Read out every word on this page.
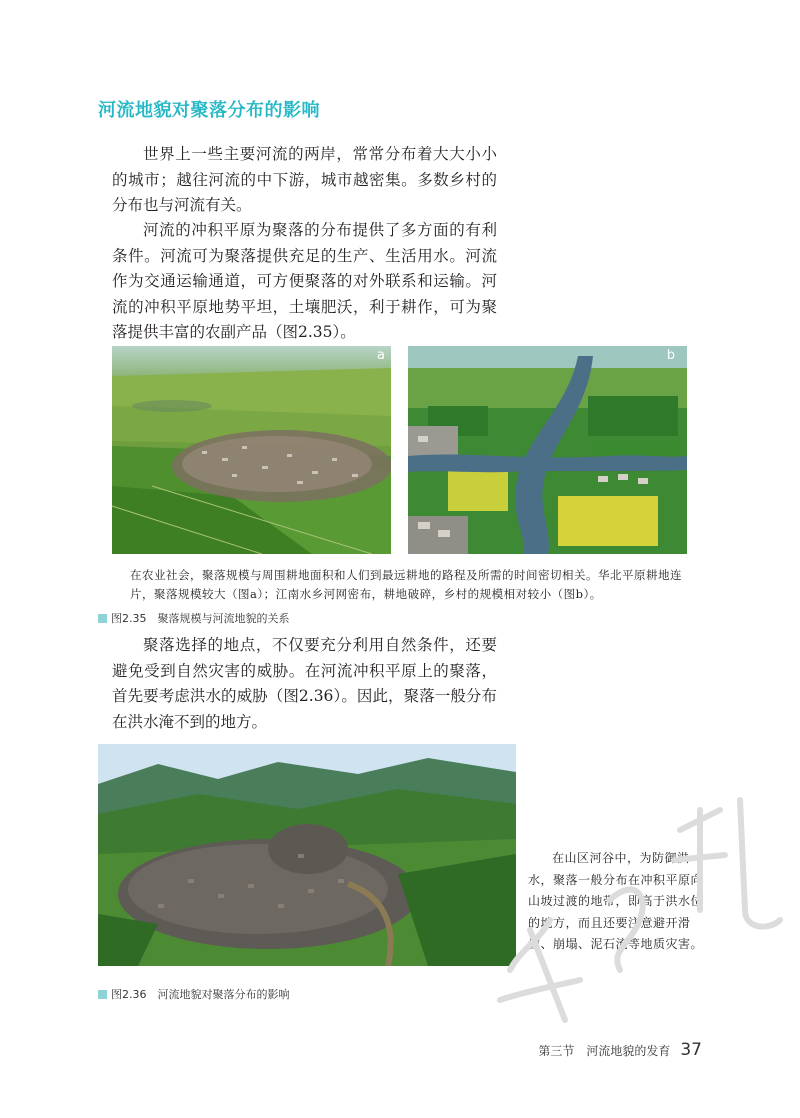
河流地貌对聚落分布的影响

世界上一些主要河流的两岸，常常分布着大大小小的城市；越往河流的中下游，城市越密集。多数乡村的分布也与河流有关。

河流的冲积平原为聚落的分布提供了多方面的有利条件。河流可为聚落提供充足的生产、生活用水。河流作为交通运输通道，可方便聚落的对外联系和运输。河流的冲积平原地势平坦，土壤肥沃，利于耕作，可为聚落提供丰富的农副产品（图2.35）。

a	b

在农业社会，聚落规模与周围耕地面积和人们到最远耕地的路程及所需的时间密切相关。华北平原耕地连片，聚落规模较大（图a）；江南水乡河网密布，耕地破碎，乡村的规模相对较小（图b）。

图2.35　聚落规模与河流地貌的关系

聚落选择的地点，不仅要充分利用自然条件，还要避免受到自然灾害的威胁。在河流冲积平原上的聚落，首先要考虑洪水的威胁（图2.36）。因此，聚落一般分布在洪水淹不到的地方。

在山区河谷中，为防御洪水，聚落一般分布在冲积平原向山坡过渡的地带，即高于洪水位的地方，而且还要注意避开滑坡、崩塌、泥石流等地质灾害。

图2.36　河流地貌对聚落分布的影响
第三节　河流地貌的发育 37
